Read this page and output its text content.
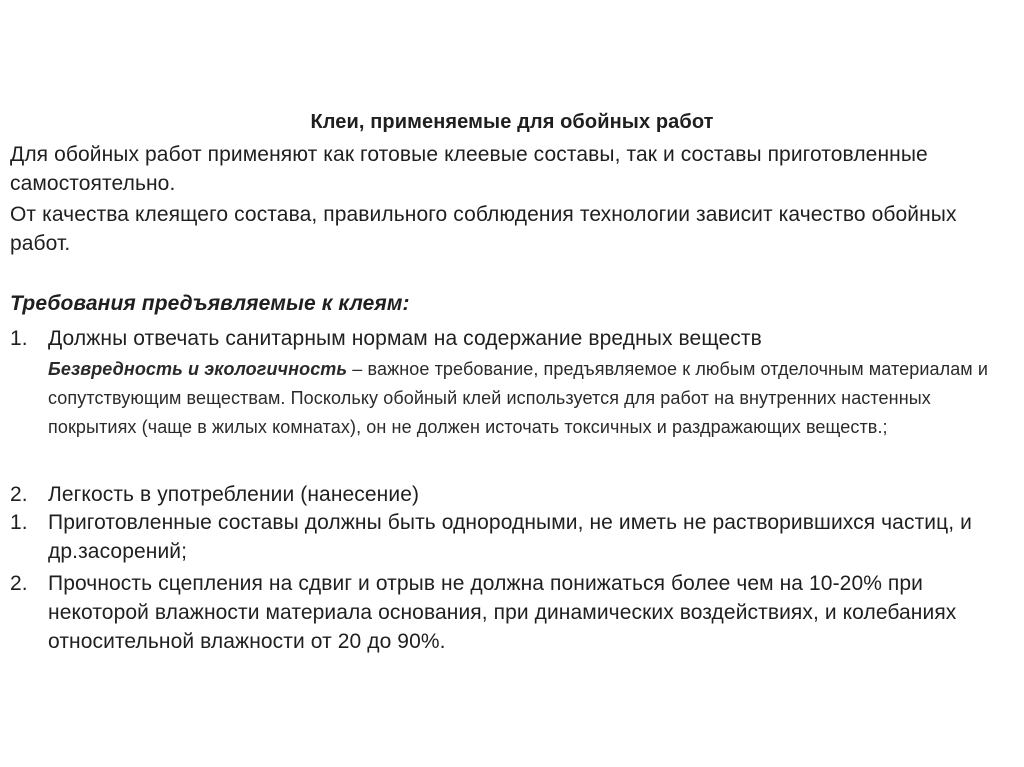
Клеи, применяемые для обойных работ
Для обойных работ применяют как готовые клеевые составы, так и составы приготовленные самостоятельно.
От качества клеящего состава, правильного соблюдения технологии зависит качество обойных работ.
Требования предъявляемые к клеям:
1. Должны отвечать санитарным нормам на содержание вредных веществ
Безвредность и экологичность – важное требование, предъявляемое к любым отделочным материалам и сопутствующим веществам. Поскольку обойный клей используется для работ на внутренних настенных покрытиях (чаще в жилых комнатах), он не должен источать токсичных и раздражающих веществ.;
2. Легкость в употреблении (нанесение)
1. Приготовленные составы должны быть однородными, не иметь не растворившихся частиц, и др.засорений;
2. Прочность сцепления на сдвиг и отрыв не должна понижаться более чем на 10-20% при некоторой влажности материала основания, при динамических воздействиях, и колебаниях относительной влажности от 20 до 90%.
